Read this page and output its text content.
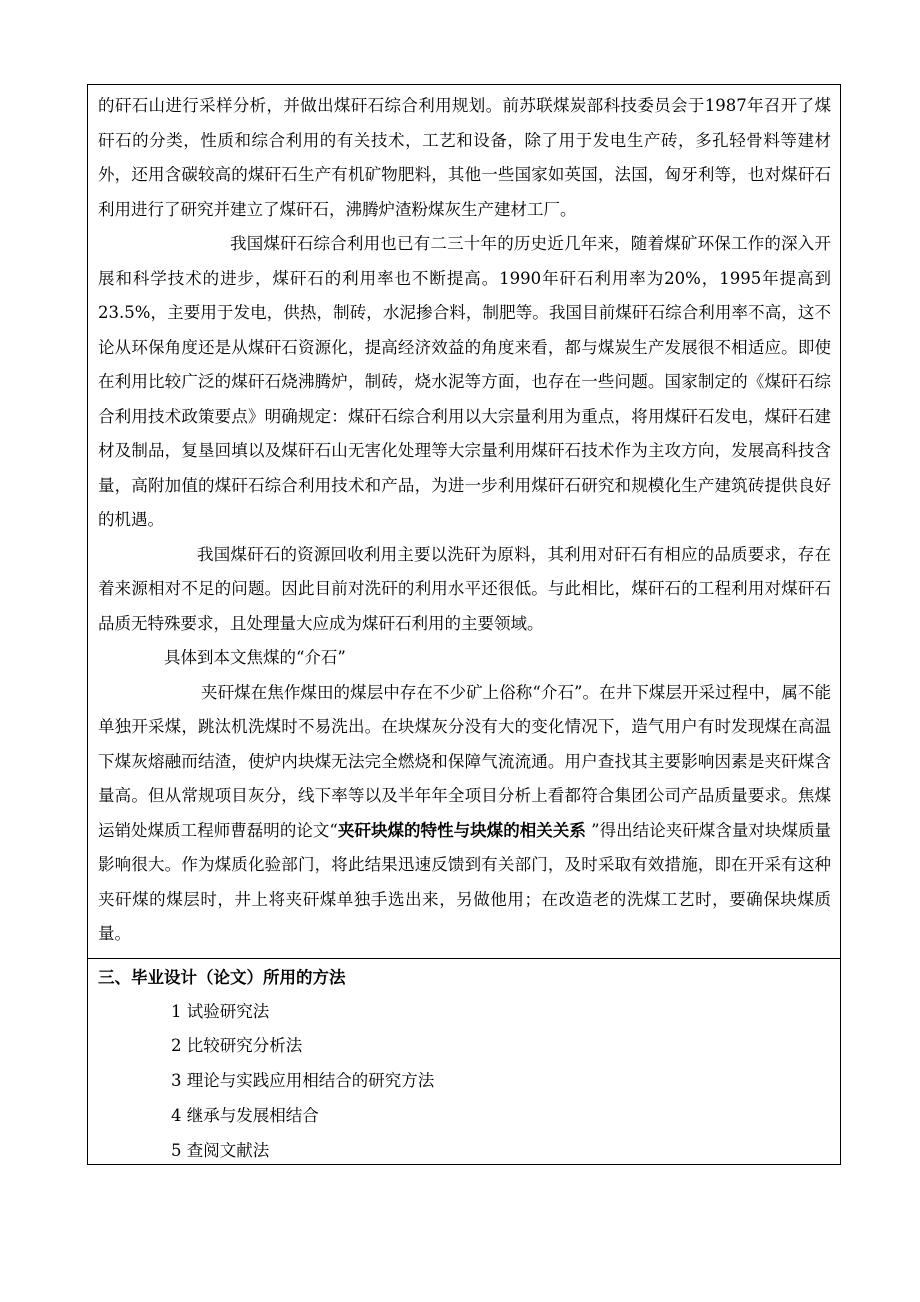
的矸石山进行采样分析，并做出煤矸石综合利用规划。前苏联煤炭部科技委员会于1987年召开了煤矸石的分类，性质和综合利用的有关技术，工艺和设备，除了用于发电生产砖，多孔轻骨料等建材外，还用含碳较高的煤矸石生产有机矿物肥料，其他一些国家如英国，法国，匈牙利等，也对煤矸石利用进行了研究并建立了煤矸石，沸腾炉渣粉煤灰生产建材工厂。

我国煤矸石综合利用也已有二三十年的历史近几年来，随着煤矿环保工作的深入开展和科学技术的进步，煤矸石的利用率也不断提高。1990年矸石利用率为20%，1995年提高到23.5%，主要用于发电，供热，制砖，水泥掺合料，制肥等。我国目前煤矸石综合利用率不高，这不论从环保角度还是从煤矸石资源化，提高经济效益的角度来看，都与煤炭生产发展很不相适应。即使在利用比较广泛的煤矸石烧沸腾炉，制砖，烧水泥等方面，也存在一些问题。国家制定的《煤矸石综合利用技术政策要点》明确规定：煤矸石综合利用以大宗量利用为重点，将用煤矸石发电，煤矸石建材及制品，复垦回填以及煤矸石山无害化处理等大宗量利用煤矸石技术作为主攻方向，发展高科技含量，高附加值的煤矸石综合利用技术和产品，为进一步利用煤矸石研究和规模化生产建筑砖提供良好的机遇。

我国煤矸石的资源回收利用主要以洗矸为原料，其利用对矸石有相应的品质要求，存在着来源相对不足的问题。因此目前对洗矸的利用水平还很低。与此相比，煤矸石的工程利用对煤矸石品质无特殊要求，且处理量大应成为煤矸石利用的主要领域。

具体到本文焦煤的“介石”

夹矸煤在焦作煤田的煤层中存在不少矿上俗称“介石”。在井下煤层开采过程中，属不能单独开采煤，跳汰机洗煤时不易洗出。在块煤灰分没有大的变化情况下，造气用户有时发现煤在高温下煤灰熔融而结渣，使炉内块煤无法完全燃烧和保障气流流通。用户查找其主要影响因素是夹矸煤含量高。但从常规项目灰分，线下率等以及半年年全项目分析上看都符合集团公司产品质量要求。焦煤运销处煤质工程师曹磊明的论文“夹矸块煤的特性与块煤的相关关系 ”得出结论夹矸煤含量对块煤质量影响很大。作为煤质化验部门，将此结果迅速反馈到有关部门，及时采取有效措施，即在开采有这种夹矸煤的煤层时，井上将夹矸煤单独手选出来，另做他用；在改造老的洗煤工艺时，要确保块煤质量。

三、毕业设计（论文）所用的方法

1 试验研究法

2 比较研究分析法

3 理论与实践应用相结合的研究方法

4 继承与发展相结合

5 查阅文献法
